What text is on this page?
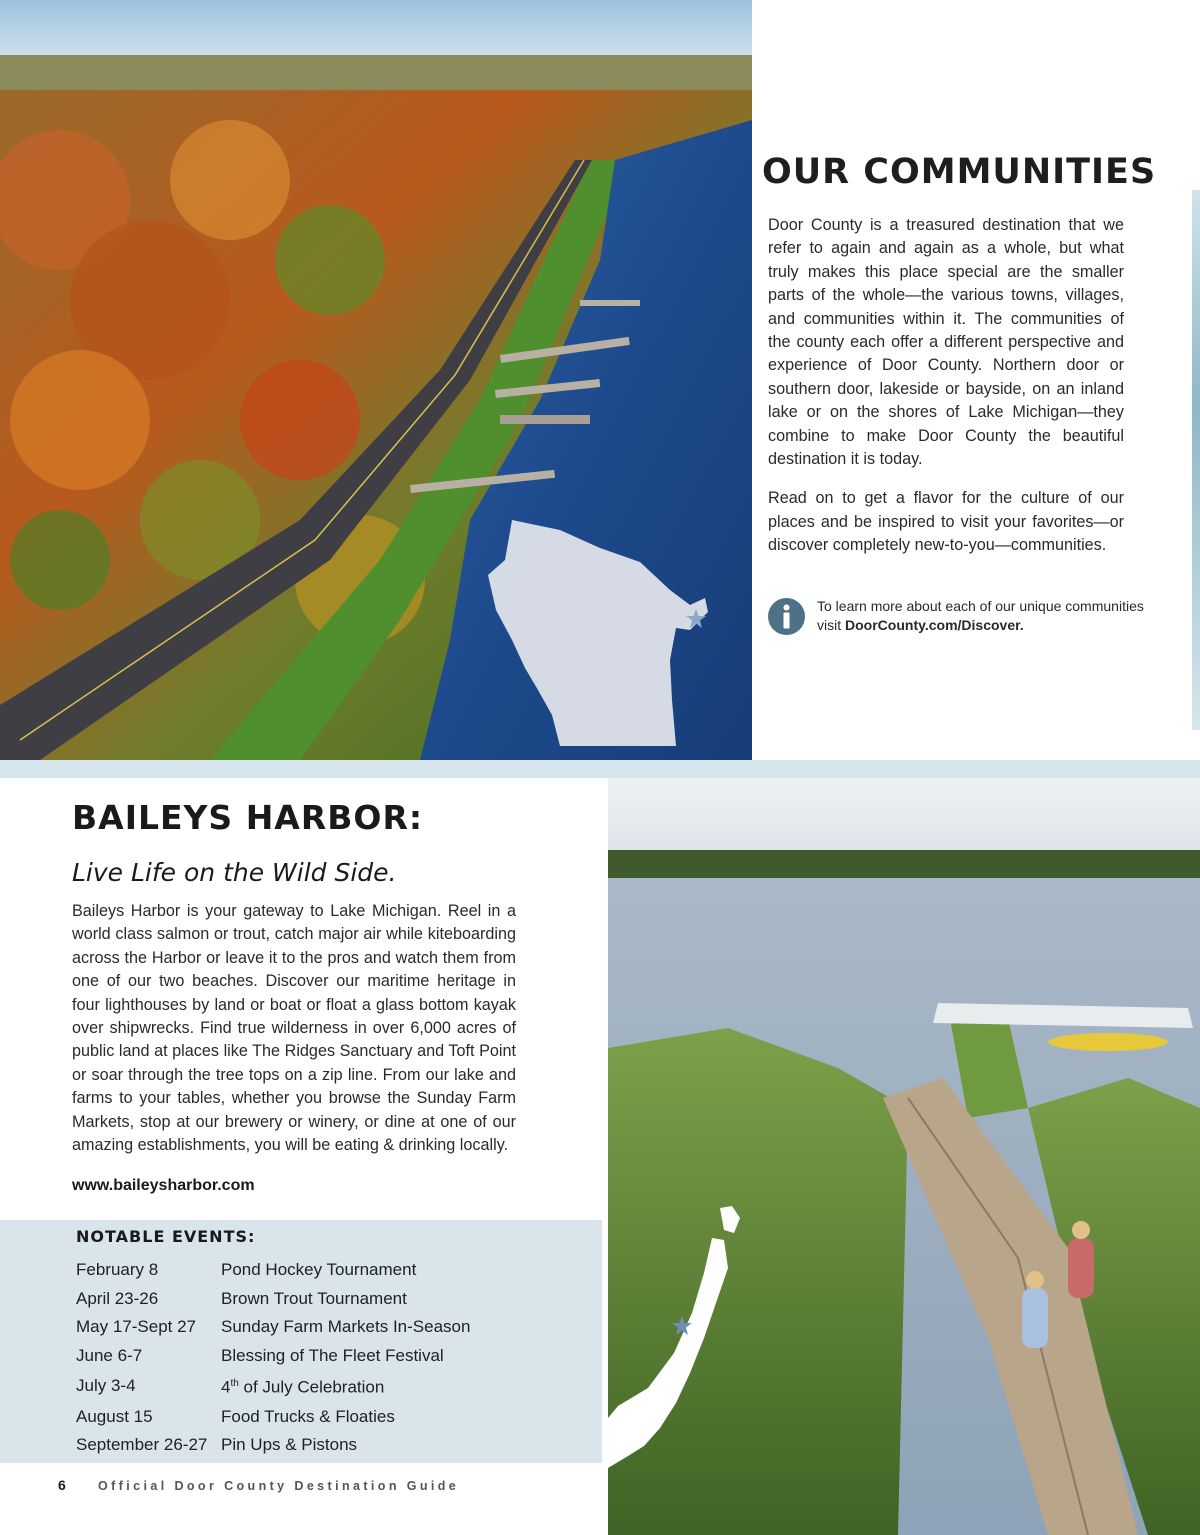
OUR COMMUNITIES

Door County is a treasured destination that we refer to again and again as a whole, but what truly makes this place special are the smaller parts of the whole—the various towns, villages, and communities within it. The communities of the county each offer a different perspective and experience of Door County. Northern door or southern door, lakeside or bayside, on an inland lake or on the shores of Lake Michigan—they combine to make Door County the beautiful destination it is today.

Read on to get a flavor for the culture of our places and be inspired to visit your favorites—or discover completely new-to-you—communities.

To learn more about each of our unique communities visit DoorCounty.com/Discover.
BAILEYS HARBOR:
Live Life on the Wild Side.

Baileys Harbor is your gateway to Lake Michigan. Reel in a world class salmon or trout, catch major air while kiteboarding across the Harbor or leave it to the pros and watch them from one of our two beaches. Discover our maritime heritage in four lighthouses by land or boat or float a glass bottom kayak over shipwrecks. Find true wilderness in over 6,000 acres of public land at places like The Ridges Sanctuary and Toft Point or soar through the tree tops on a zip line. From our lake and farms to your tables, whether you browse the Sunday Farm Markets, stop at our brewery or winery, or dine at one of our amazing establishments, you will be eating & drinking locally.

www.baileysharbor.com
NOTABLE EVENTS:
February 8	Pond Hockey Tournament
April 23-26	Brown Trout Tournament
May 17-Sept 27	Sunday Farm Markets In-Season
June 6-7	Blessing of The Fleet Festival
July 3-4	4th of July Celebration
August 15	Food Trucks & Floaties
September 26-27	Pin Ups & Pistons
6	Official Door County Destination Guide
